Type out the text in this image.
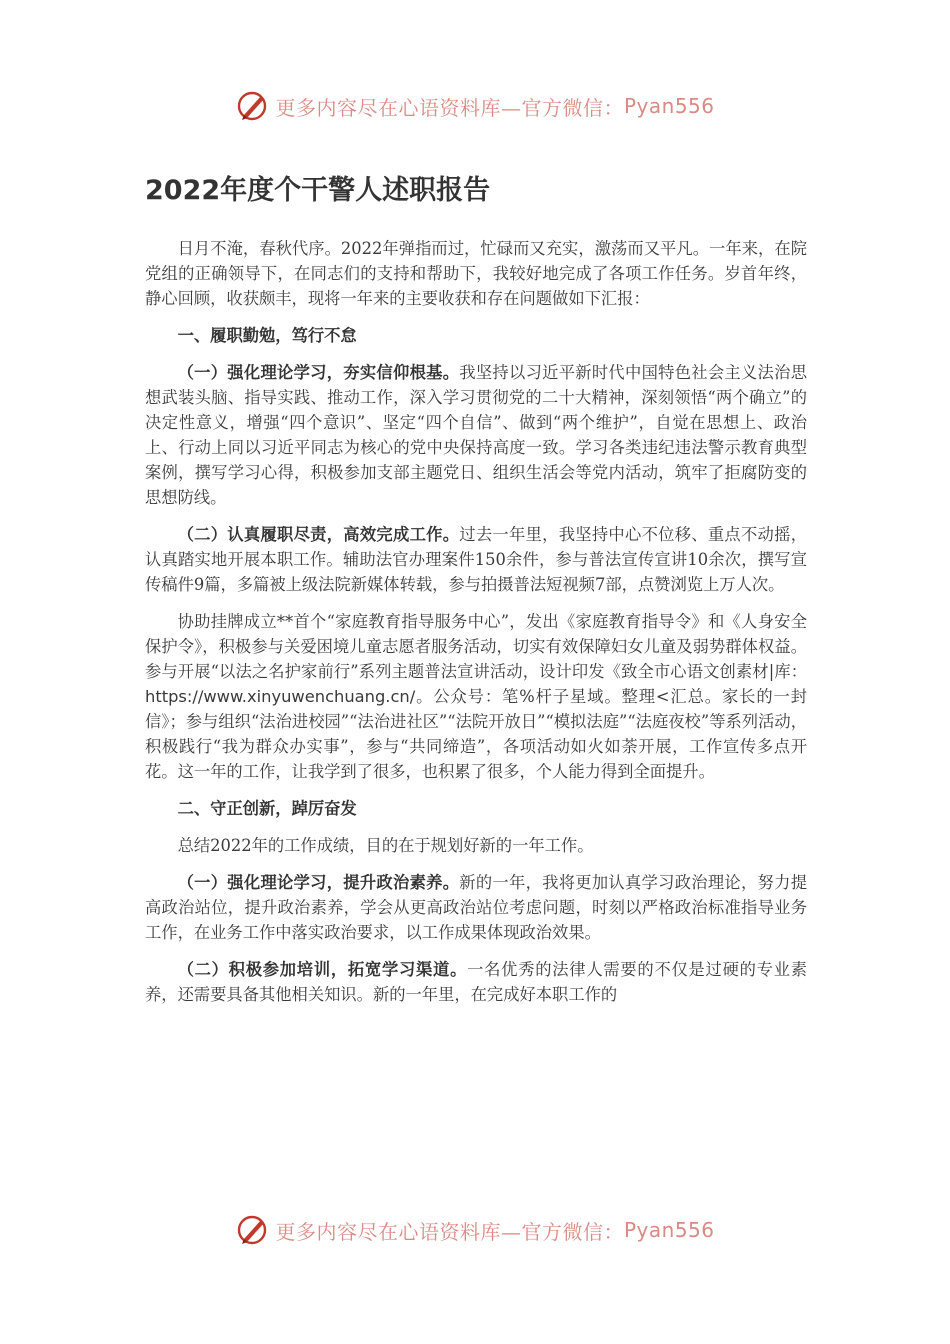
更多内容尽在心语资料库—官方微信： Pyan556
2022年度个干警人述职报告

日月不淹，春秋代序。2022年弹指而过，忙碌而又充实，激荡而又平凡。一年来，在院党组的正确领导下，在同志们的支持和帮助下，我较好地完成了各项工作任务。岁首年终，静心回顾，收获颇丰，现将一年来的主要收获和存在问题做如下汇报：

一、履职勤勉，笃行不怠

（一）强化理论学习，夯实信仰根基。我坚持以习近平新时代中国特色社会主义法治思想武装头脑、指导实践、推动工作，深入学习贯彻党的二十大精神，深刻领悟“两个确立”的决定性意义，增强“四个意识”、坚定“四个自信”、做到“两个维护”，自觉在思想上、政治上、行动上同以习近平同志为核心的党中央保持高度一致。学习各类违纪违法警示教育典型案例，撰写学习心得，积极参加支部主题党日、组织生活会等党内活动，筑牢了拒腐防变的思想防线。

（二）认真履职尽责，高效完成工作。过去一年里，我坚持中心不位移、重点不动摇，认真踏实地开展本职工作。辅助法官办理案件150余件，参与普法宣传宣讲10余次，撰写宣传稿件9篇，多篇被上级法院新媒体转载，参与拍摄普法短视频7部，点赞浏览上万人次。

协助挂牌成立**首个“家庭教育指导服务中心”，发出《家庭教育指导令》和《人身安全保护令》，积极参与关爱困境儿童志愿者服务活动，切实有效保障妇女儿童及弱势群体权益。参与开展“以法之名护家前行”系列主题普法宣讲活动，设计印发《致全市心语文创素材|库：https://www.xinyuwenchuang.cn/。公众号：笔%杆子星域。整理<汇总。家长的一封信》；参与组织“法治进校园”“法治进社区”“法院开放日”“模拟法庭”“法庭夜校”等系列活动，积极践行“我为群众办实事”，参与“共同缔造”，各项活动如火如荼开展，工作宣传多点开花。这一年的工作，让我学到了很多，也积累了很多，个人能力得到全面提升。

二、守正创新，踔厉奋发

总结2022年的工作成绩，目的在于规划好新的一年工作。

（一）强化理论学习，提升政治素养。新的一年，我将更加认真学习政治理论，努力提高政治站位，提升政治素养，学会从更高政治站位考虑问题，时刻以严格政治标准指导业务工作，在业务工作中落实政治要求，以工作成果体现政治效果。

（二）积极参加培训，拓宽学习渠道。一名优秀的法律人需要的不仅是过硬的专业素养，还需要具备其他相关知识。新的一年里，在完成好本职工作的

更多内容尽在心语资料库—官方微信： Pyan556
